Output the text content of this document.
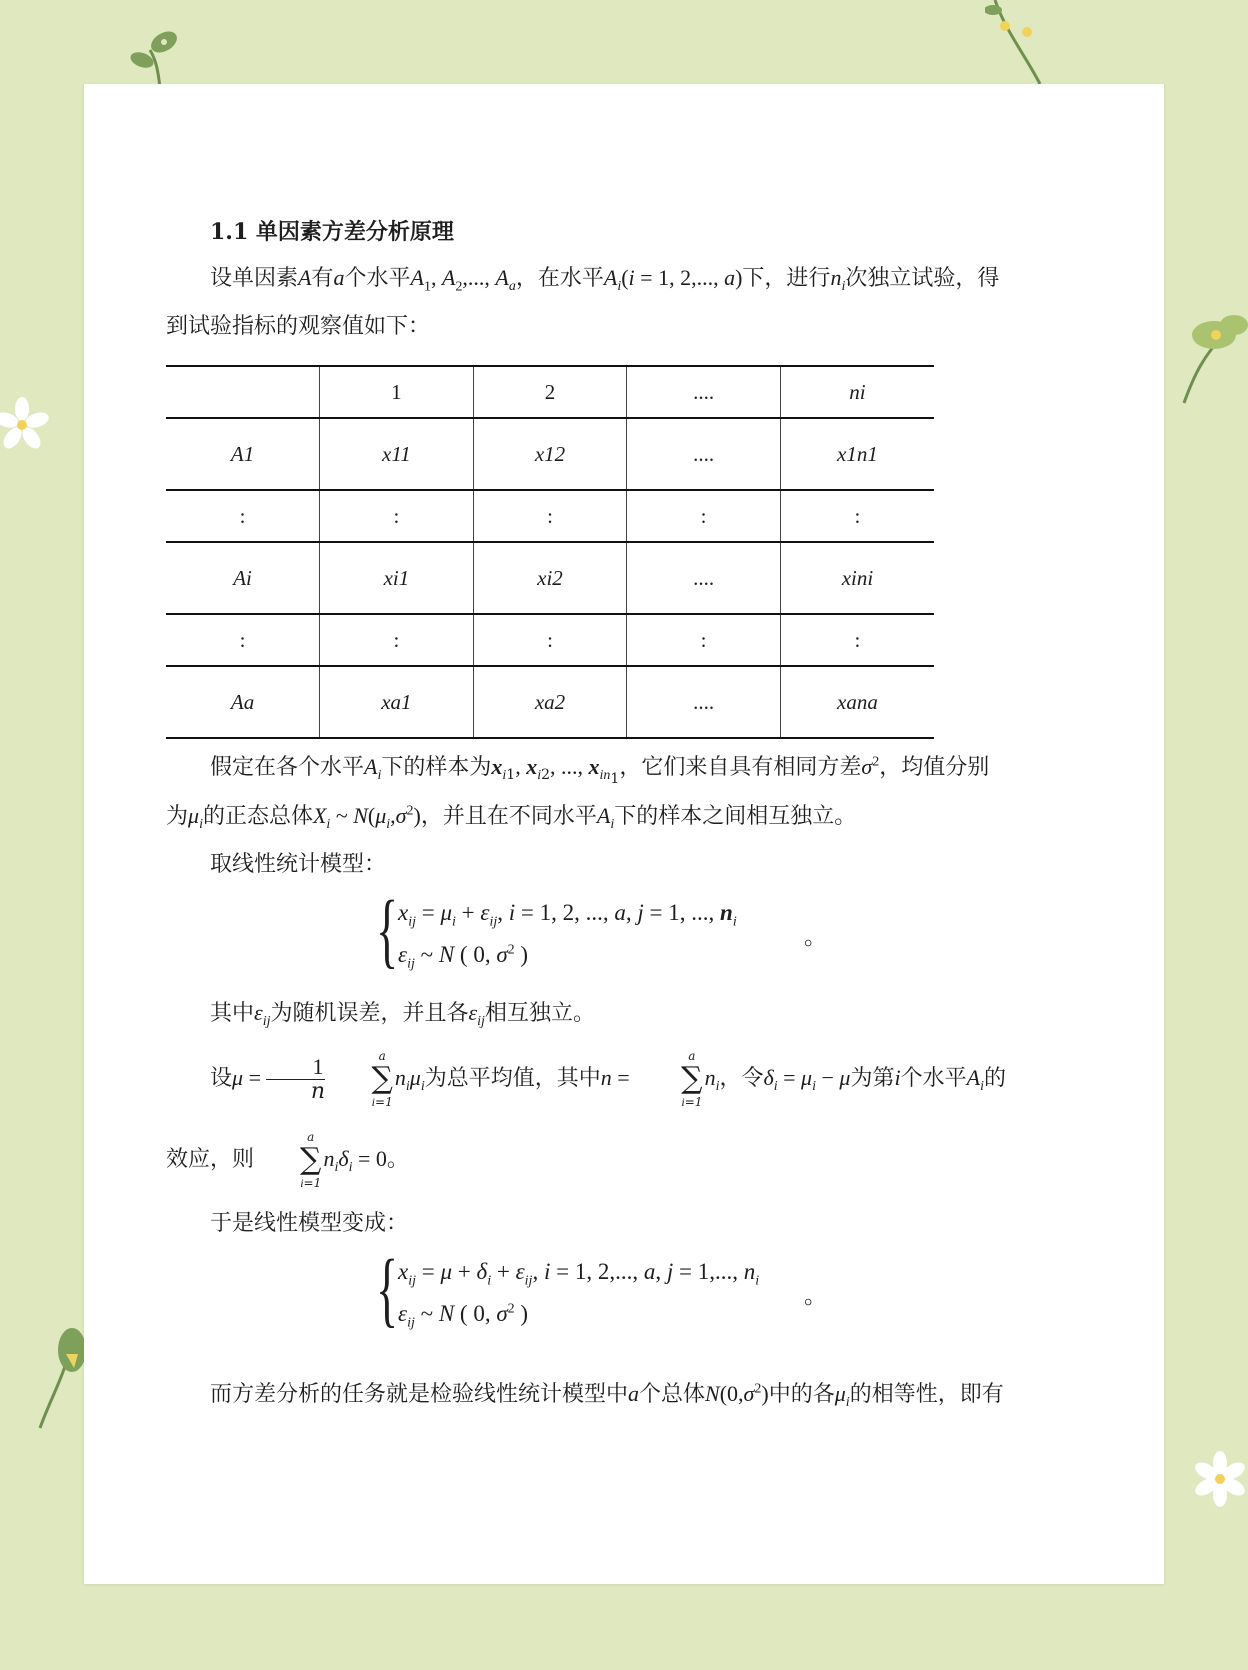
1.1 单因素方差分析原理

设单因素A有a个水平$A_1$, $A_2$,..., $A_a$，在水平$A_i(i = 1$, 2,..., a)下，进行$n_i$次独立试验，得到试验指标的观察值如下：

	1	2	....	ni
A1	x11	x12	....	x1n1
:	:	:	:	:
Ai	xi1	xi2	....	xini
:	:	:	:	:
Aa	xa1	xa2	....	xana

假定在各个水平$A_i$下的样本为$x_{i1}$, $x_{i2}$, ..., $x_{in_1}$，它们来自具有相同方差$\sigma^2$，均值分别为$\mu_i$的正态总体$X_i$ ~ $N(\mu_i,\sigma^2)$，并且在不同水平$A_i$下的样本之间相互独立。

取线性统计模型：

{ $x_{ij} = \mu_i + \varepsilon_{ij}$, i = 1, 2, ..., a, j = 1, ..., $n_i$
$\varepsilon_{ij}$ ~ N ( 0, $\sigma^2$ )
。

其中$\varepsilon_{ij}$为随机误差，并且各$\varepsilon_{ij}$相互独立。

设$\mu = \frac{1}{n}$	a
∑
i=1
$n_i\mu_i$为总平均值，其中n =
a
∑
i=1
$n_i$，令$\delta_i = \mu_i - \mu$为第i个水平$A_i$的效应，则
a
∑
i=1
$n_i\delta_i = 0$。

于是线性模型变成：

{ $x_{ij} = \mu + \delta_i + \varepsilon_{ij}$, i = 1, 2,..., a, j = 1,..., $n_i$
$\varepsilon_{ij}$ ~ N ( 0, $\sigma^2$ )
。

而方差分析的任务就是检验线性统计模型中a个总体$N(0,\sigma^2)$中的各$\mu_i$的相等性，即有
